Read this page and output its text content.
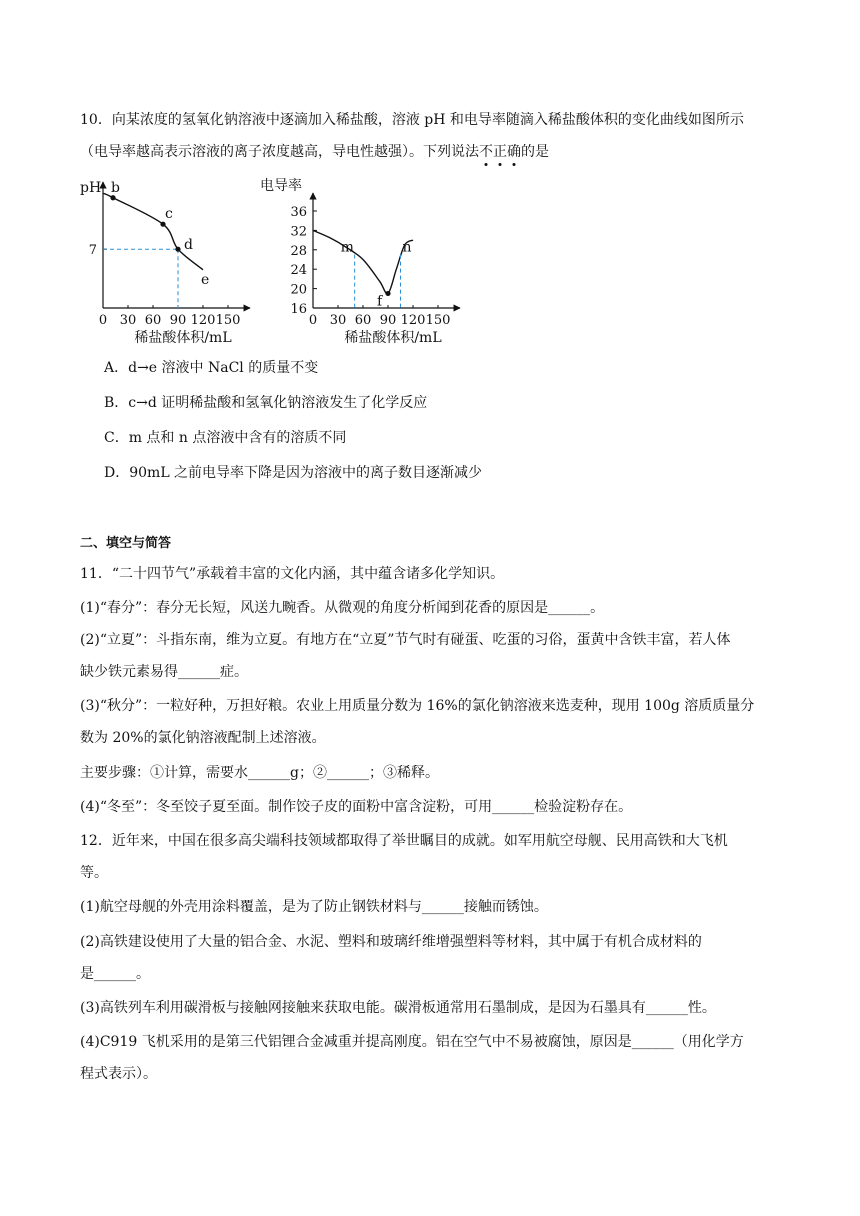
10．向某浓度的氢氧化钠溶液中逐滴加入稀盐酸，溶液 pH 和电导率随滴入稀盐酸体积的变化曲线如图所示
（电导率越高表示溶液的离子浓度越高，导电性越强）。下列说法不
正
确
的是
pH
0 30 60 90 120 150
稀盐酸体积/mL
7
b
c
d
e
电导率
0 30 60 90 120 150
稀盐酸体积/mL
16
20
24
28
32
36
m
f
n
A．d→e 溶液中 NaCl 的质量不变
B．c→d 证明稀盐酸和氢氧化钠溶液发生了化学反应
C．m 点和 n 点溶液中含有的溶质不同
D．90mL 之前电导率下降是因为溶液中的离子数目逐渐减少
二、填空与简答
11．“二十四节气”承载着丰富的文化内涵，其中蕴含诸多化学知识。
(1)“春分”：春分无长短，风送九畹香。从微观的角度分析闻到花香的原因是______。
(2)“立夏”：斗指东南，维为立夏。有地方在“立夏”节气时有碰蛋、吃蛋的习俗，蛋黄中含铁丰富，若人体
缺少铁元素易得______症。
(3)“秋分”：一粒好种，万担好粮。农业上用质量分数为 16%的氯化钠溶液来选麦种，现用 100g 溶质质量分
数为 20%的氯化钠溶液配制上述溶液。
主要步骤：①计算，需要水______g；②______；③稀释。
(4)“冬至”：冬至饺子夏至面。制作饺子皮的面粉中富含淀粉，可用______检验淀粉存在。
12．近年来，中国在很多高尖端科技领域都取得了举世瞩目的成就。如军用航空母舰、民用高铁和大飞机
等。
(1)航空母舰的外壳用涂料覆盖，是为了防止钢铁材料与______接触而锈蚀。
(2)高铁建设使用了大量的铝合金、水泥、塑料和玻璃纤维增强塑料等材料，其中属于有机合成材料的
是______。
(3)高铁列车利用碳滑板与接触网接触来获取电能。碳滑板通常用石墨制成，是因为石墨具有______性。
(4)C919 飞机采用的是第三代铝锂合金减重并提高刚度。铝在空气中不易被腐蚀，原因是______（用化学方
程式表示）。
